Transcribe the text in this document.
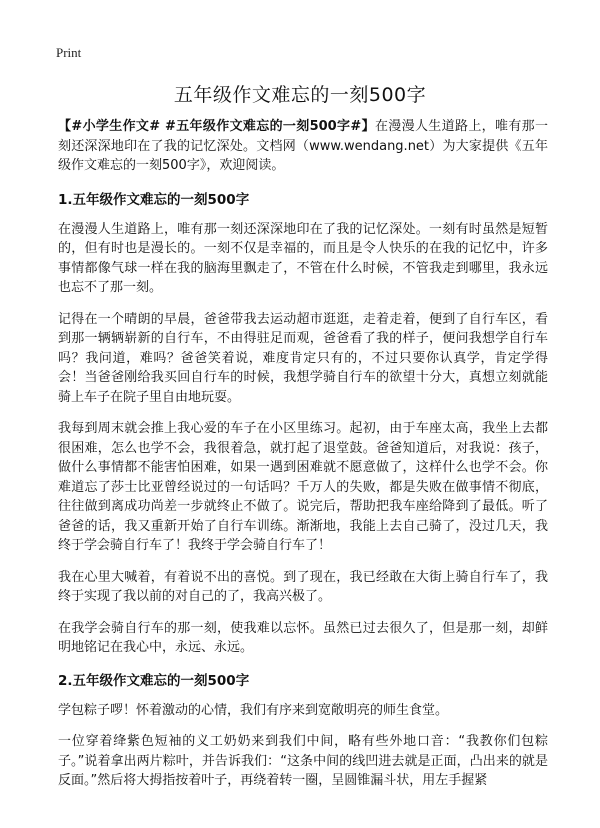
Print
五年级作文难忘的一刻500字

【#小学生作文# #五年级作文难忘的一刻500字#】在漫漫人生道路上，唯有那一刻还深深地印在了我的记忆深处。文档网（www.wendang.net）为大家提供《五年级作文难忘的一刻500字》，欢迎阅读。

1.五年级作文难忘的一刻500字

在漫漫人生道路上，唯有那一刻还深深地印在了我的记忆深处。一刻有时虽然是短暂的，但有时也是漫长的。一刻不仅是幸福的，而且是令人快乐的在我的记忆中，许多事情都像气球一样在我的脑海里飘走了，不管在什么时候，不管我走到哪里，我永远也忘不了那一刻。

记得在一个晴朗的早晨，爸爸带我去运动超市逛逛，走着走着，便到了自行车区，看到那一辆辆崭新的自行车，不由得驻足而观，爸爸看了我的样子，便问我想学自行车吗？我问道，难吗？爸爸笑着说，难度肯定只有的，不过只要你认真学，肯定学得会！当爸爸刚给我买回自行车的时候，我想学骑自行车的欲望十分大，真想立刻就能骑上车子在院子里自由地玩耍。

我每到周末就会推上我心爱的车子在小区里练习。起初，由于车座太高，我坐上去都很困难，怎么也学不会，我很着急，就打起了退堂鼓。爸爸知道后，对我说：孩子，做什么事情都不能害怕困难，如果一遇到困难就不愿意做了，这样什么也学不会。你难道忘了莎士比亚曾经说过的一句话吗？千万人的失败，都是失败在做事情不彻底，往往做到离成功尚差一步就终止不做了。说完后，帮助把我车座给降到了最低。听了爸爸的话，我又重新开始了自行车训练。渐渐地，我能上去自己骑了，没过几天，我终于学会骑自行车了！我终于学会骑自行车了！

我在心里大喊着，有着说不出的喜悦。到了现在，我已经敢在大街上骑自行车了，我终于实现了我以前的对自己的了，我高兴极了。

在我学会骑自行车的那一刻，使我难以忘怀。虽然已过去很久了，但是那一刻，却鲜明地铭记在我心中，永远、永远。

2.五年级作文难忘的一刻500字

学包粽子啰！怀着激动的心情，我们有序来到宽敞明亮的师生食堂。

一位穿着绛紫色短袖的义工奶奶来到我们中间，略有些外地口音：“我教你们包粽子。”说着拿出两片粽叶，并告诉我们：“这条中间的线凹进去就是正面，凸出来的就是反面。”然后将大拇指按着叶子，再绕着转一圈，呈圆锥漏斗状，用左手握紧
